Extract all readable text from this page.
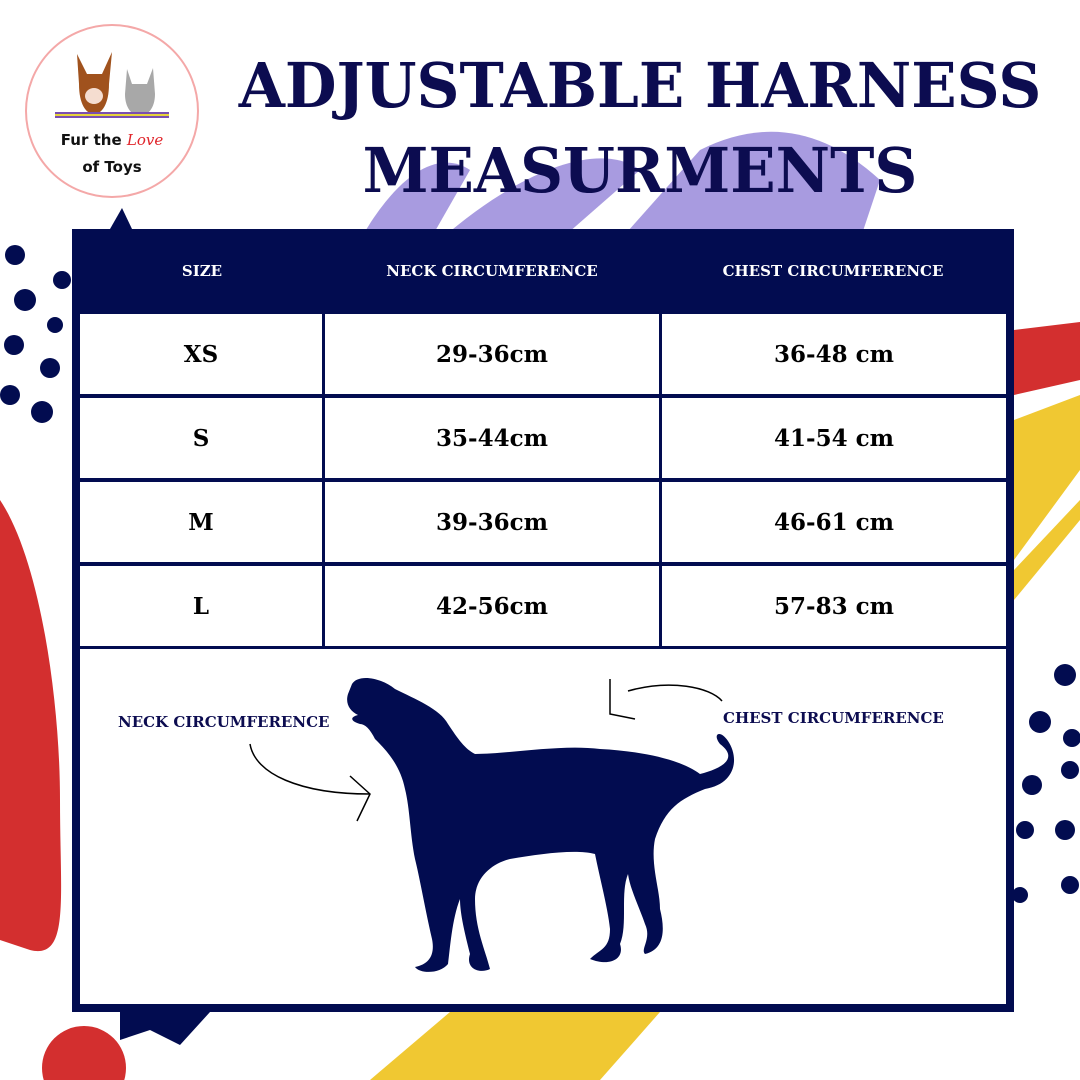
Fur the Love
of Toys
ADJUSTABLE HARNESS
MEASURMENTS
SIZE	NECK CIRCUMFERENCE	CHEST CIRCUMFERENCE
XS	29-36cm	36-48 cm
S	35-44cm	41-54 cm
M	39-36cm	46-61 cm
L	42-56cm	57-83 cm
NECK CIRCUMFERENCE	CHEST CIRCUMFERENCE
